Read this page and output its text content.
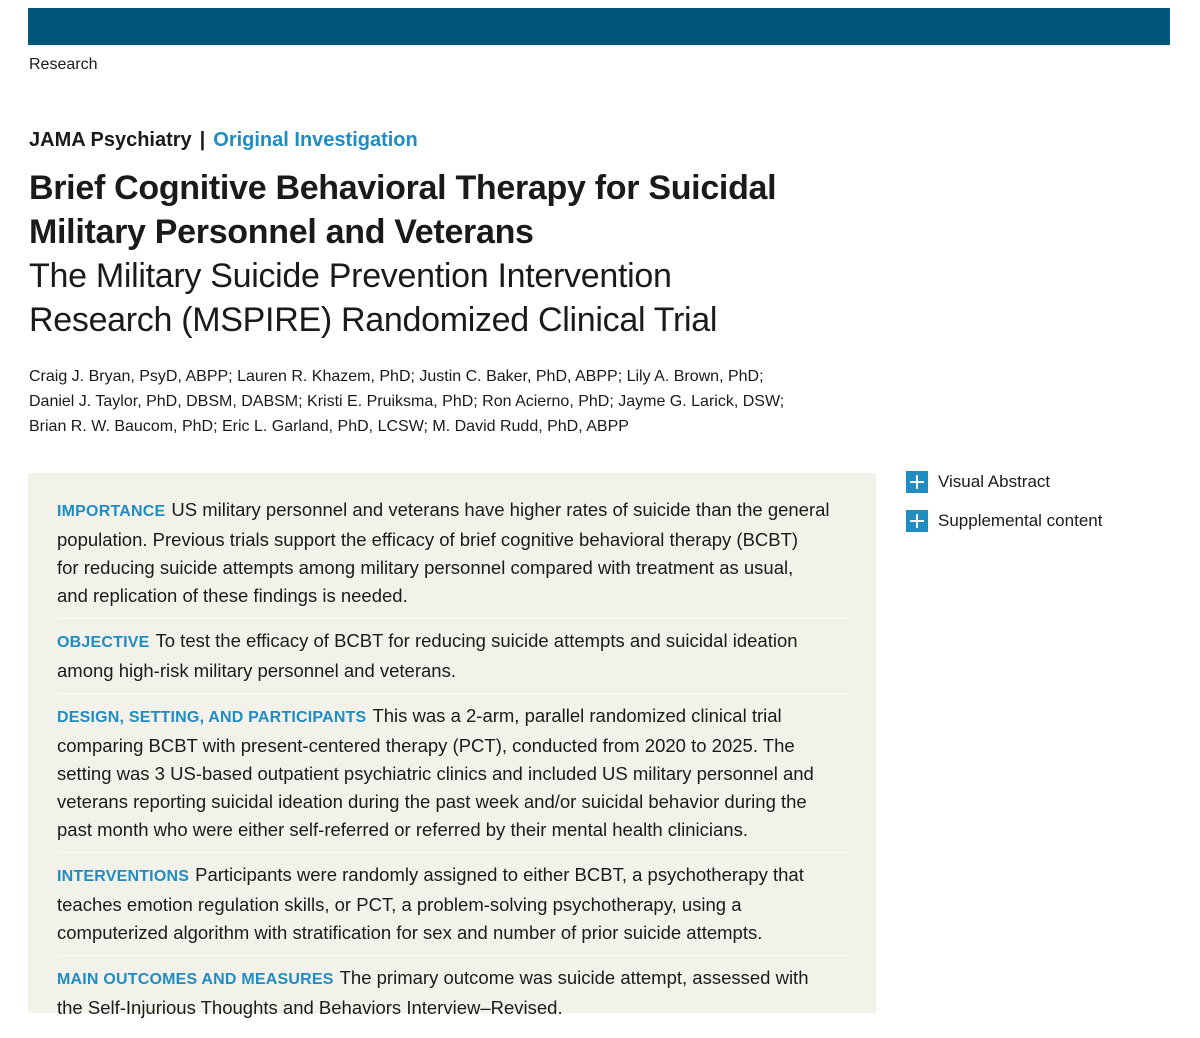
Research
JAMA Psychiatry | Original Investigation
Brief Cognitive Behavioral Therapy for Suicidal
Military Personnel and Veterans
The Military Suicide Prevention Intervention
Research (MSPIRE) Randomized Clinical Trial
Craig J. Bryan, PsyD, ABPP; Lauren R. Khazem, PhD; Justin C. Baker, PhD, ABPP; Lily A. Brown, PhD;
Daniel J. Taylor, PhD, DBSM, DABSM; Kristi E. Pruiksma, PhD; Ron Acierno, PhD; Jayme G. Larick, DSW;
Brian R. W. Baucom, PhD; Eric L. Garland, PhD, LCSW; M. David Rudd, PhD, ABPP
IMPORTANCE US military personnel and veterans have higher rates of suicide than the general
population. Previous trials support the efficacy of brief cognitive behavioral therapy (BCBT)
for reducing suicide attempts among military personnel compared with treatment as usual,
and replication of these findings is needed.
OBJECTIVE To test the efficacy of BCBT for reducing suicide attempts and suicidal ideation
among high-risk military personnel and veterans.
DESIGN, SETTING, AND PARTICIPANTS This was a 2-arm, parallel randomized clinical trial
comparing BCBT with present-centered therapy (PCT), conducted from 2020 to 2025. The
setting was 3 US-based outpatient psychiatric clinics and included US military personnel and
veterans reporting suicidal ideation during the past week and/or suicidal behavior during the
past month who were either self-referred or referred by their mental health clinicians.
INTERVENTIONS Participants were randomly assigned to either BCBT, a psychotherapy that
teaches emotion regulation skills, or PCT, a problem-solving psychotherapy, using a
computerized algorithm with stratification for sex and number of prior suicide attempts.
MAIN OUTCOMES AND MEASURES The primary outcome was suicide attempt, assessed with
the Self-Injurious Thoughts and Behaviors Interview–Revised.
Visual Abstract
Supplemental content
